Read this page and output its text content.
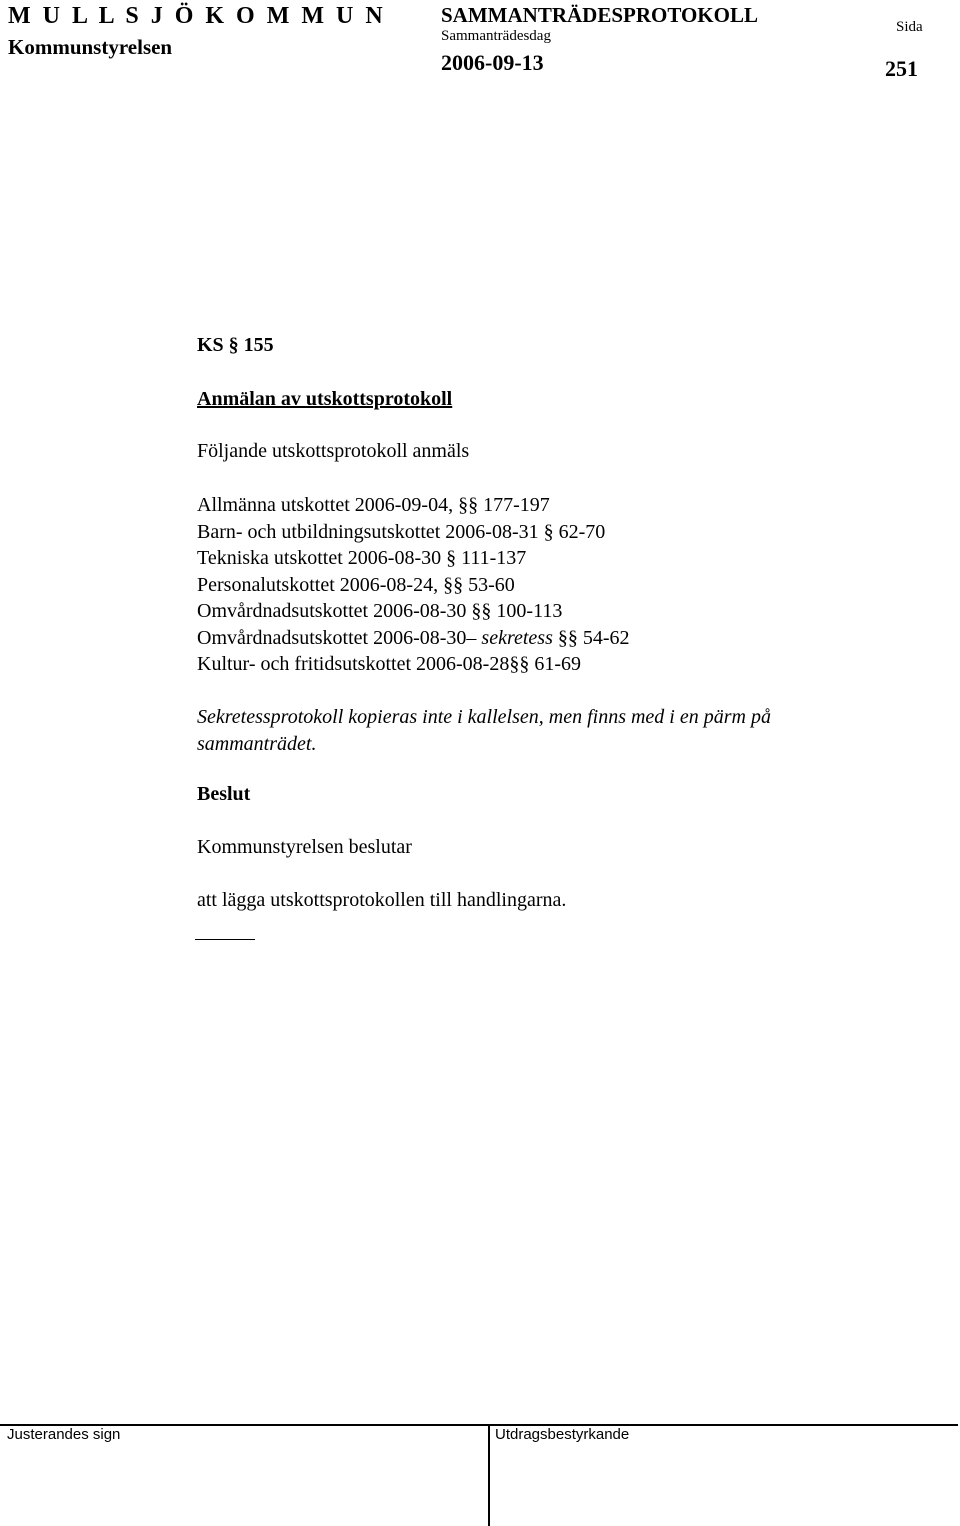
M U L L S J Ö K O M M U N
Kommunstyrelsen
SAMMANTRÄDESPROTOKOLL
Sammanträdesdag
2006-09-13
Sida
251
KS § 155
Anmälan av utskottsprotokoll
Följande utskottsprotokoll anmäls
Allmänna utskottet 2006-09-04, §§ 177-197
Barn- och utbildningsutskottet 2006-08-31 § 62-70
Tekniska utskottet 2006-08-30 § 111-137
Personalutskottet 2006-08-24, §§ 53-60
Omvårdnadsutskottet 2006-08-30 §§ 100-113
Omvårdnadsutskottet 2006-08-30– sekretess §§ 54-62
Kultur- och fritidsutskottet 2006-08-28§§ 61-69
Sekretessprotokoll kopieras inte i kallelsen, men finns med i en pärm på sammanträdet.
Beslut
Kommunstyrelsen beslutar
att lägga utskottsprotokollen till handlingarna.
Justerandes sign	Utdragsbestyrkande
